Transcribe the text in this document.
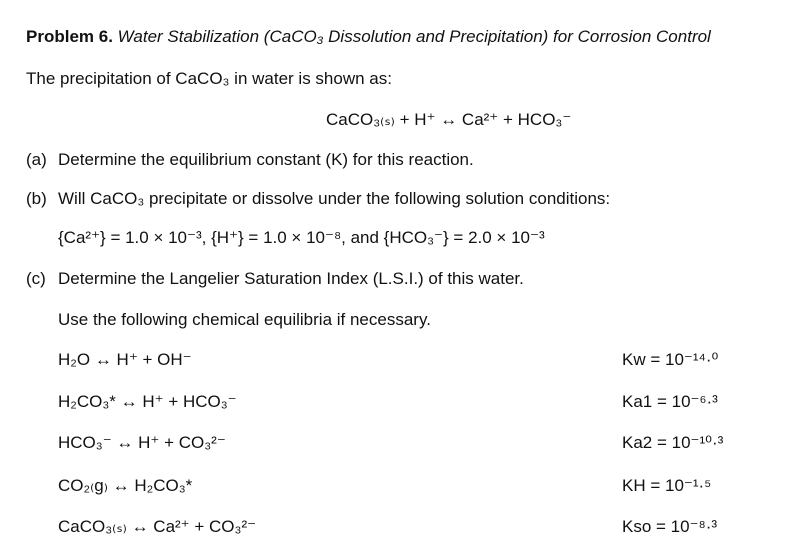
Problem 6. Water Stabilization (CaCO₃ Dissolution and Precipitation) for Corrosion Control
The precipitation of CaCO₃ in water is shown as:
CaCO₃₍ₛ₎ + H⁺ ↔ Ca²⁺ + HCO₃⁻
(a) Determine the equilibrium constant (K) for this reaction.
(b) Will CaCO₃ precipitate or dissolve under the following solution conditions:
{Ca²⁺} = 1.0 × 10⁻³, {H⁺} = 1.0 × 10⁻⁸, and {HCO₃⁻} = 2.0 × 10⁻³
(c) Determine the Langelier Saturation Index (L.S.I.) of this water.
Use the following chemical equilibria if necessary.
H₂O ↔ H⁺ + OH⁻	Kw = 10⁻¹⁴·⁰
H₂CO₃* ↔ H⁺ + HCO₃⁻	Ka1 = 10⁻⁶·³
HCO₃⁻ ↔ H⁺ + CO₃²⁻	Ka2 = 10⁻¹⁰·³
CO₂₍g₎ ↔ H₂CO₃*	KH = 10⁻¹·⁵
CaCO₃₍ₛ₎ ↔ Ca²⁺ + CO₃²⁻	Kso = 10⁻⁸·³
